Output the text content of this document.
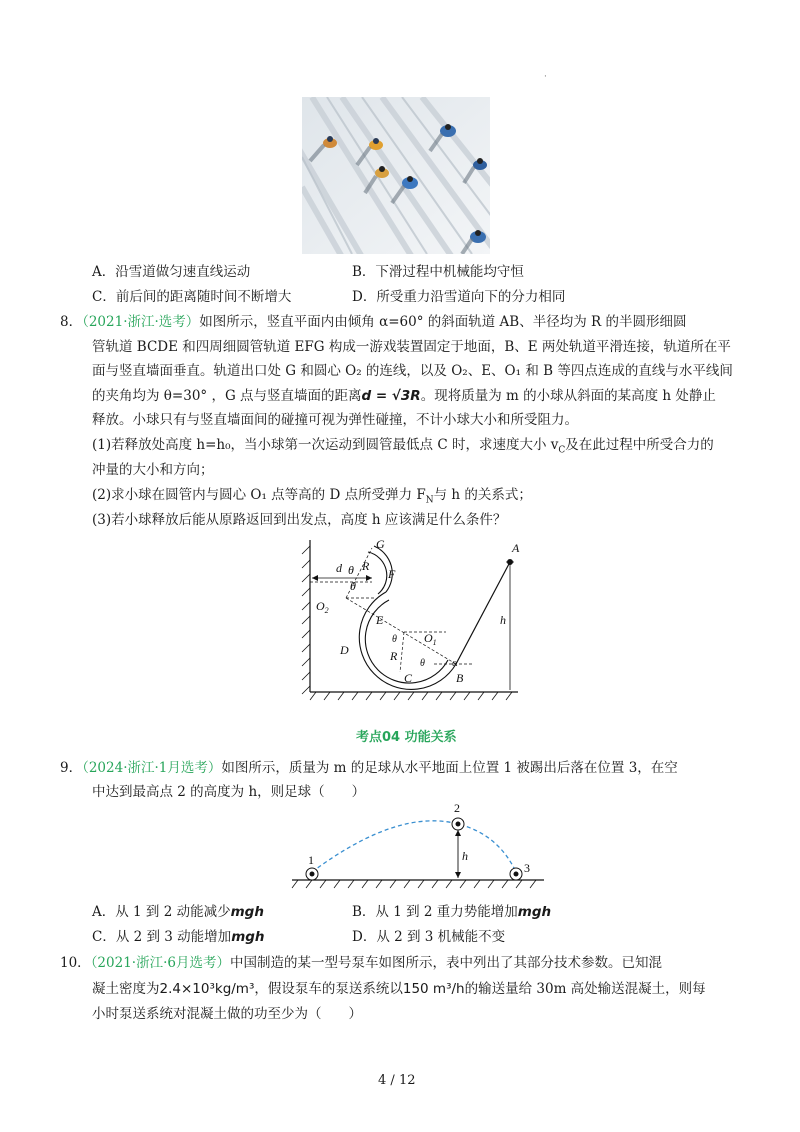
·
A．沿雪道做匀速直线运动	B．下滑过程中机械能均守恒
C．前后间的距离随时间不断增大	D．所受重力沿雪道向下的分力相同
8．（2021·浙江·选考）如图所示，竖直平面内由倾角 α=60° 的斜面轨道 AB、半径均为 R 的半圆形细圆
管轨道 BCDE 和四周细圆管轨道 EFG 构成一游戏装置固定于地面，B、E 两处轨道平滑连接，轨道所在平
面与竖直墙面垂直。轨道出口处 G 和圆心 O₂ 的连线，以及 O₂、E、O₁ 和 B 等四点连成的直线与水平线间
的夹角均为 θ=30° ，G 点与竖直墙面的距离d = √3R。现将质量为 m 的小球从斜面的某高度 h 处静止
释放。小球只有与竖直墙面间的碰撞可视为弹性碰撞，不计小球大小和所受阻力。
(1)若释放处高度 h=h₀，当小球第一次运动到圆管最低点 C 时，求速度大小 $v_C$及在此过程中所受合力的
冲量的大小和方向；
(2)求小球在圆管内与圆心 O₁ 点等高的 D 点所受弹力 $F_N$与 h 的关系式；
(3)若小球释放后能从原路返回到出发点，高度 h 应该满足什么条件？
A
G
d R
θ
θ
$O_2$
F
E
$O_1$
h
D
θ
R
θ α
C	B
考点04 功能关系
9．（2024·浙江·1月选考）如图所示，质量为 m 的足球从水平地面上位置 1 被踢出后落在位置 3，在空
中达到最高点 2 的高度为 h，则足球（　　）
1
2
3
h
A．从 1 到 2 动能减少mgh	B．从 1 到 2 重力势能增加mgh
C．从 2 到 3 动能增加mgh	D．从 2 到 3 机械能不变
10．（2021·浙江·6月选考）中国制造的某一型号泵车如图所示，表中列出了其部分技术参数。已知混
凝土密度为2.4×10³kg/m³，假设泵车的泵送系统以150 m³/h的输送量给 30m 高处输送混凝土，则每
小时泵送系统对混凝土做的功至少为（　　）
4 / 12
